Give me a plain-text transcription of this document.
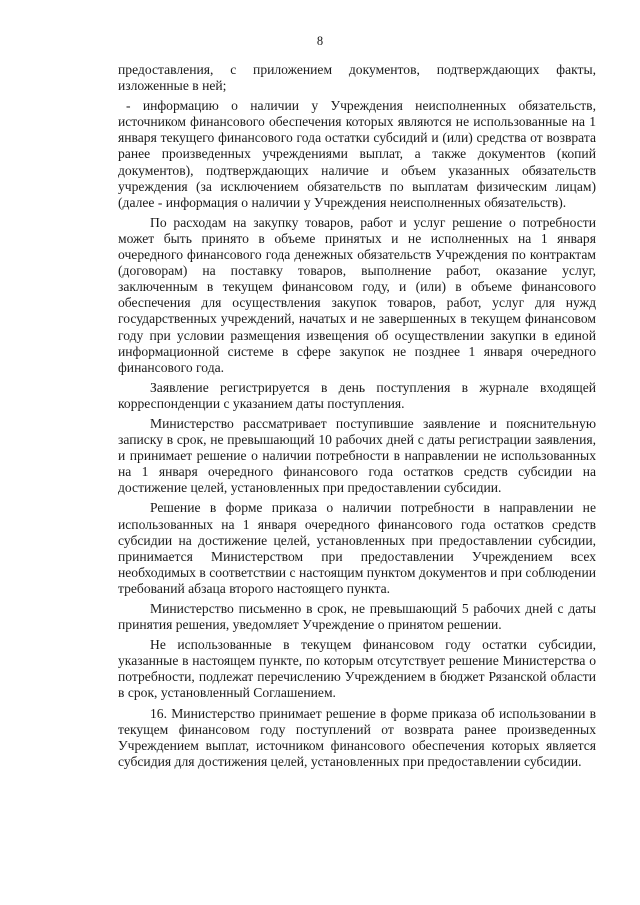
8

предоставления, с приложением документов, подтверждающих факты, изложенные в ней;

- информацию о наличии у Учреждения неисполненных обязательств, источником финансового обеспечения которых являются не использованные на 1 января текущего финансового года остатки субсидий и (или) средства от возврата ранее произведенных учреждениями выплат, а также документов (копий документов), подтверждающих наличие и объем указанных обязательств учреждения (за исключением обязательств по выплатам физическим лицам) (далее - информация о наличии у Учреждения неисполненных обязательств).

По расходам на закупку товаров, работ и услуг решение о потребности может быть принято в объеме принятых и не исполненных на 1 января очередного финансового года денежных обязательств Учреждения по контрактам (договорам) на поставку товаров, выполнение работ, оказание услуг, заключенным в текущем финансовом году, и (или) в объеме финансового обеспечения для осуществления закупок товаров, работ, услуг для нужд государственных учреждений, начатых и не завершенных в текущем финансовом году при условии размещения извещения об осуществлении закупки в единой информационной системе в сфере закупок не позднее 1 января очередного финансового года.

Заявление регистрируется в день поступления в журнале входящей корреспонденции с указанием даты поступления.

Министерство рассматривает поступившие заявление и пояснительную записку в срок, не превышающий 10 рабочих дней с даты регистрации заявления, и принимает решение о наличии потребности в направлении не использованных на 1 января очередного финансового года остатков средств субсидии на достижение целей, установленных при предоставлении субсидии.

Решение в форме приказа о наличии потребности в направлении не использованных на 1 января очередного финансового года остатков средств субсидии на достижение целей, установленных при предоставлении субсидии, принимается Министерством при предоставлении Учреждением всех необходимых в соответствии с настоящим пунктом документов и при соблюдении требований абзаца второго настоящего пункта.

Министерство письменно в срок, не превышающий 5 рабочих дней с даты принятия решения, уведомляет Учреждение о принятом решении.

Не использованные в текущем финансовом году остатки субсидии, указанные в настоящем пункте, по которым отсутствует решение Министерства о потребности, подлежат перечислению Учреждением в бюджет Рязанской области в срок, установленный Соглашением.

16. Министерство принимает решение в форме приказа об использовании в текущем финансовом году поступлений от возврата ранее произведенных Учреждением выплат, источником финансового обеспечения которых является субсидия для достижения целей, установленных при предоставлении субсидии.
